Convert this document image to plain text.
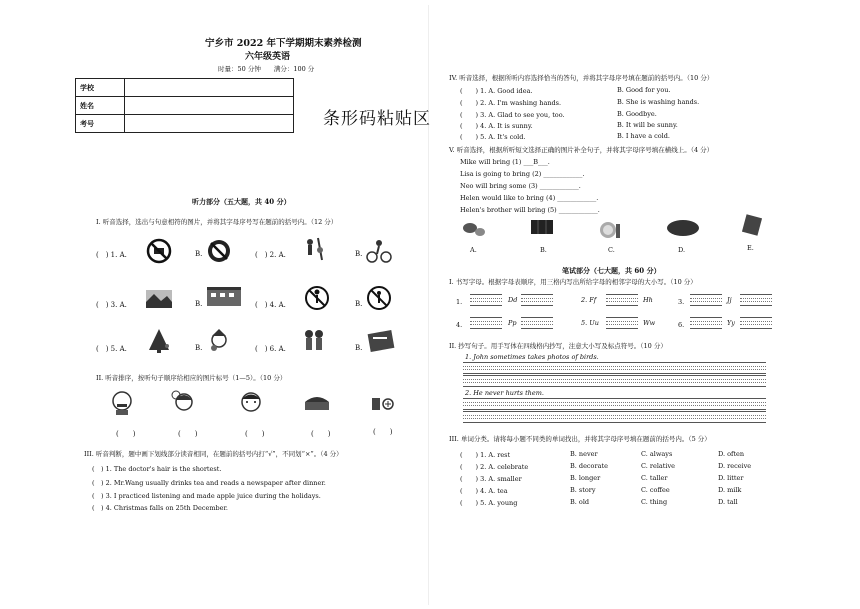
宁乡市 2022 年下学期期末素养检测
六年级英语
时量：50 分钟　　满分：100 分
学校	
姓名	
考号		条形码粘贴区
听力部分（五大题，共 40 分）
I. 听音选择，选出与句意相符的图片，并将其字母序号写在题前的括号内。（12 分）
(　) 1. A.	B.	(　) 2. A.	B.
(　) 3. A.	B.	(　) 4. A.	B.
(　) 5. A.	B.	(　) 6. A.	B.
II. 听音排序，按听句子顺序给相应的图片标号（1—5）。（10 分）
(　　)	(　　)	(　　)	(　　)	(　　)
III. 听音判断，题中画下划线部分读音相同，在题前的括号内打“√”，不同划“×”。（4 分）
(　) 1. The doctor's hair is the shortest.
(　) 2. Mr.Wang usually drinks tea and reads a newspaper after dinner.
(　) 3. I practiced listening and made apple juice during the holidays.
(　) 4. Christmas falls on 25th December.
IV. 听音选择，根据所听内容选择恰当的答句，并将其字母序号填在题前的括号内。（10 分）
(　　) 1. A. Good idea.	B. Good for you.
(　　) 2. A. I'm washing hands.	B. She is washing hands.
(　　) 3. A. Glad to see you, too.	B. Goodbye.
(　　) 4. A. It is sunny.	B. It will be sunny.
(　　) 5. A. It's cold.	B. I have a cold.
V. 听音选择，根据所听短文选择正确的图片补全句子，并将其字母序号填在横线上。（4 分）
Mike will bring (1) ___B___.
Lisa is going to bring (2) ____________.
Neo will bring some (3) ____________.
Helen would like to bring (4) ____________.
Helen's brother will bring (5) ____________.
A.	B.	C.	D.	E.
笔试部分（七大题，共 60 分）
I. 书写字母。根据字母表顺序，用三格内写出所给字母的相邻字母的大小写。（10 分）
1.	Dd	2. Ff	Hh	3.	Jj
4.	Pp	5. Uu	Ww	6.	Yy
II. 抄写句子。用手写体在四线格内抄写，注意大小写及标点符号。（10 分）
1. John sometimes takes photos of birds.
2. He never hurts them.
III. 单词分类。请将每小题不同类的单词找出，并将其字母序号填在题前的括号内。（5 分）
(　　) 1. A. rest	B. never	C. always	D. often
(　　) 2. A. celebrate	B. decorate	C. relative	D. receive
(　　) 3. A. smaller	B. longer	C. taller	D. litter
(　　) 4. A. tea	B. story	C. coffee	D. milk
(　　) 5. A. young	B. old	C. thing	D. tall
